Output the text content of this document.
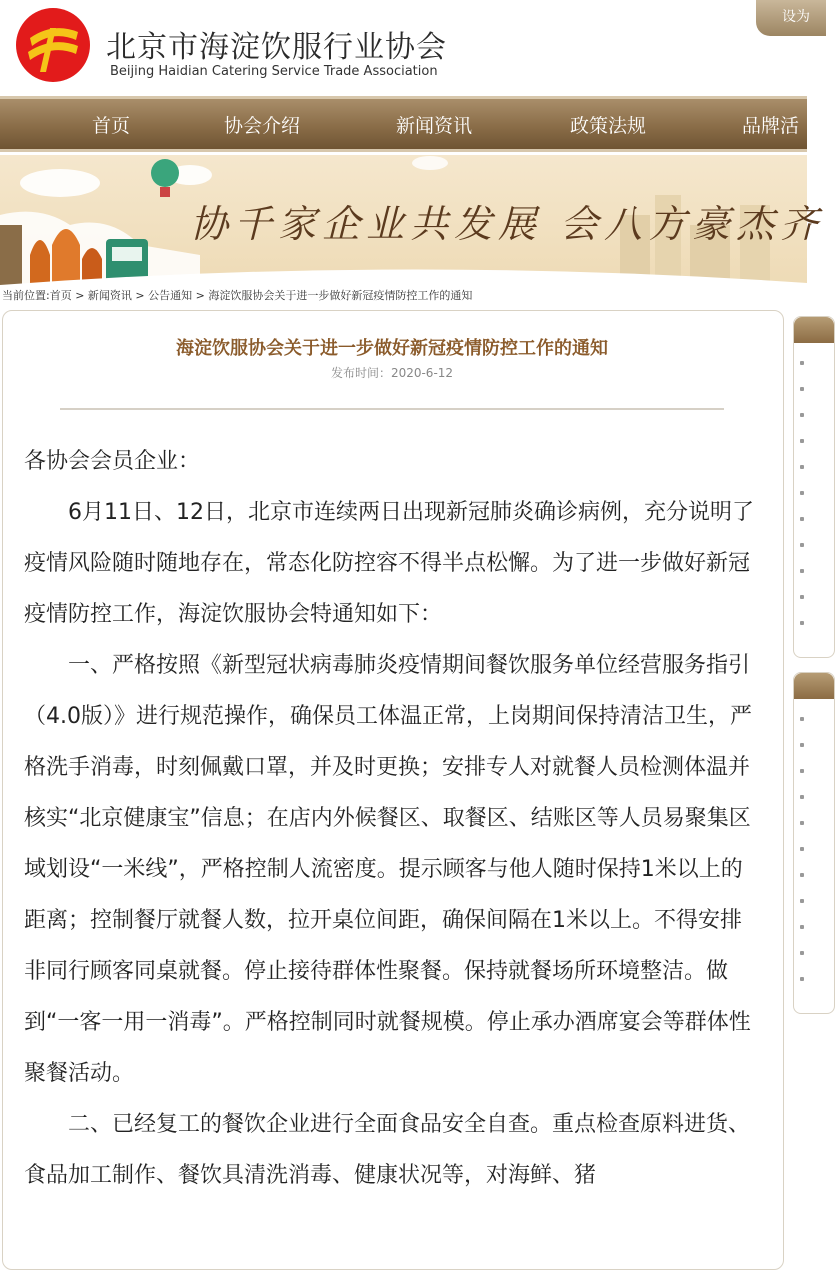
北京市海淀饮服行业协会
Beijing Haidian Catering Service Trade Association
设为
首页	协会介绍	新闻资讯	政策法规	品牌活
协千家企业共发展 会八方豪杰齐
当前位置:首页 > 新闻资讯 > 公告通知 > 海淀饮服协会关于进一步做好新冠疫情防控工作的通知
海淀饮服协会关于进一步做好新冠疫情防控工作的通知
发布时间：2020-6-12

各协会会员企业：

6月11日、12日，北京市连续两日出现新冠肺炎确诊病例，充分说明了疫情风险随时随地存在，常态化防控容不得半点松懈。为了进一步做好新冠疫情防控工作，海淀饮服协会特通知如下：

一、严格按照《新型冠状病毒肺炎疫情期间餐饮服务单位经营服务指引（4.0版）》进行规范操作，确保员工体温正常，上岗期间保持清洁卫生，严格洗手消毒，时刻佩戴口罩，并及时更换；安排专人对就餐人员检测体温并核实“北京健康宝”信息；在店内外候餐区、取餐区、结账区等人员易聚集区域划设“一米线”，严格控制人流密度。提示顾客与他人随时保持1米以上的距离；控制餐厅就餐人数，拉开桌位间距，确保间隔在1米以上。不得安排非同行顾客同桌就餐。停止接待群体性聚餐。保持就餐场所环境整洁。做到“一客一用一消毒”。严格控制同时就餐规模。停止承办酒席宴会等群体性聚餐活动。

二、已经复工的餐饮企业进行全面食品安全自查。重点检查原料进货、食品加工制作、餐饮具清洗消毒、健康状况等，对海鲜、猪
